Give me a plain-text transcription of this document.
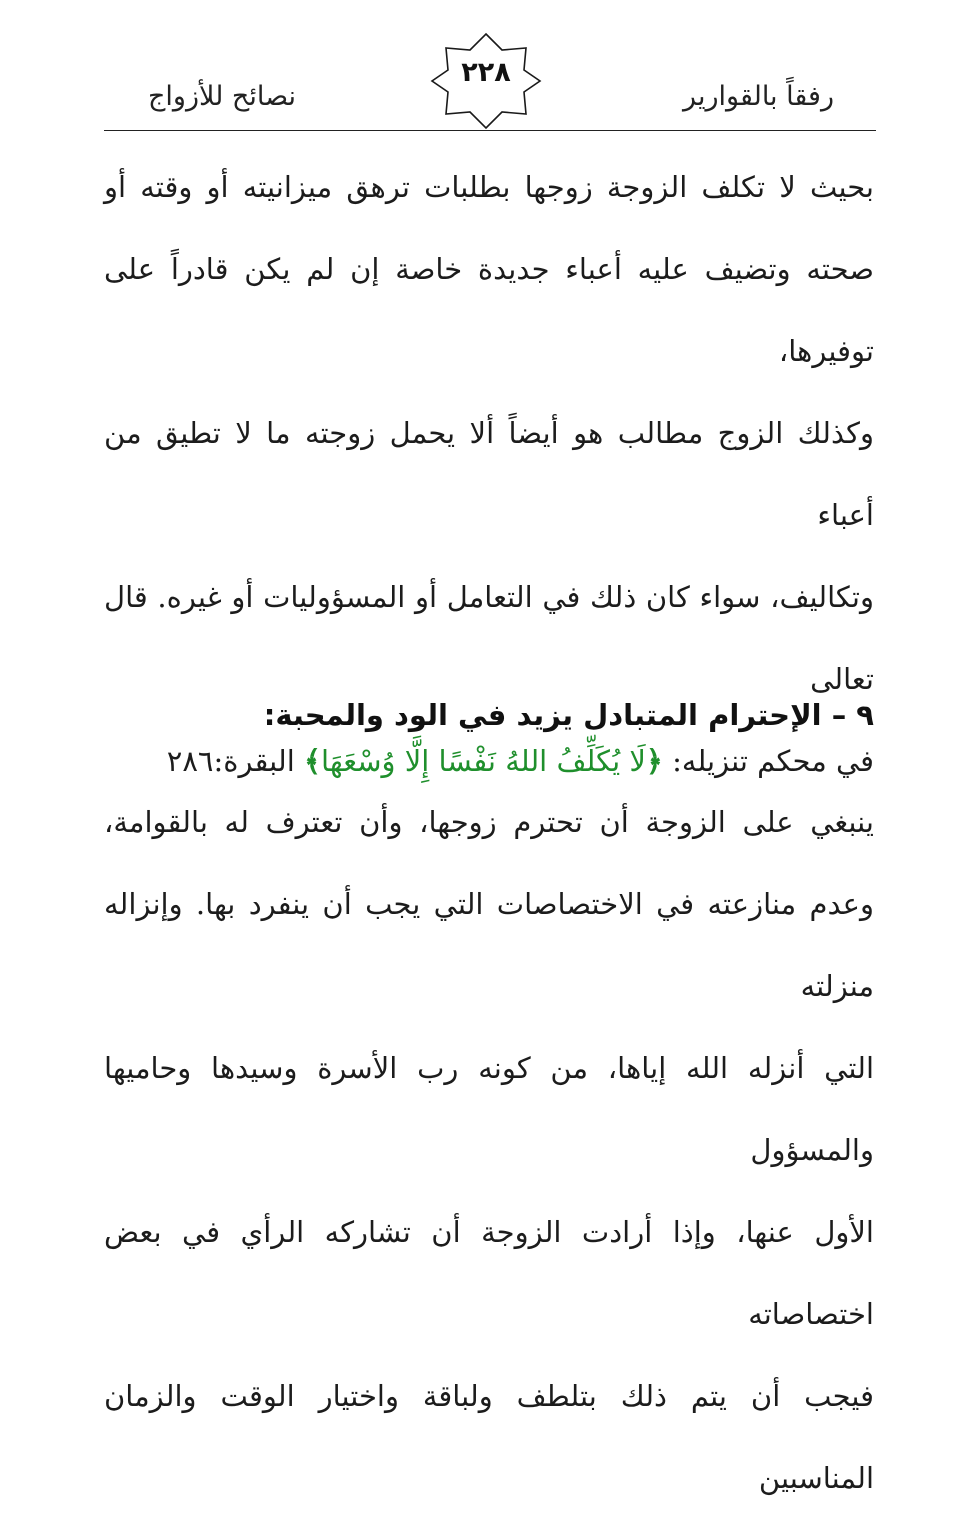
رفقاً بالقوارير
٢٢٨
نصائح للأزواج
بحيث لا تكلف الزوجة زوجها بطلبات ترهق ميزانيته أو وقته أو
صحته وتضيف عليه أعباء جديدة خاصة إن لم يكن قادراً على توفيرها،
وكذلك الزوج مطالب هو أيضاً ألا يحمل زوجته ما لا تطيق من أعباء
وتكاليف، سواء كان ذلك في التعامل أو المسؤوليات أو غيره. قال تعالى
في محكم تنزيله: ﴿لَا يُكَلِّفُ اللهُ نَفْسًا إِلَّا وُسْعَهَا﴾ البقرة:٢٨٦
٩ – الإحترام المتبادل يزيد في الود والمحبة:
ينبغي على الزوجة أن تحترم زوجها، وأن تعترف له بالقوامة،
وعدم منازعته في الاختصاصات التي يجب أن ينفرد بها. وإنزاله منزلته
التي أنزله الله إياها، من كونه رب الأسرة وسيدها وحاميها والمسؤول
الأول عنها، وإذا أرادت الزوجة أن تشاركه الرأي في بعض اختصاصاته
فيجب أن يتم ذلك بتلطف ولباقة واختيار الوقت والزمان المناسبين
